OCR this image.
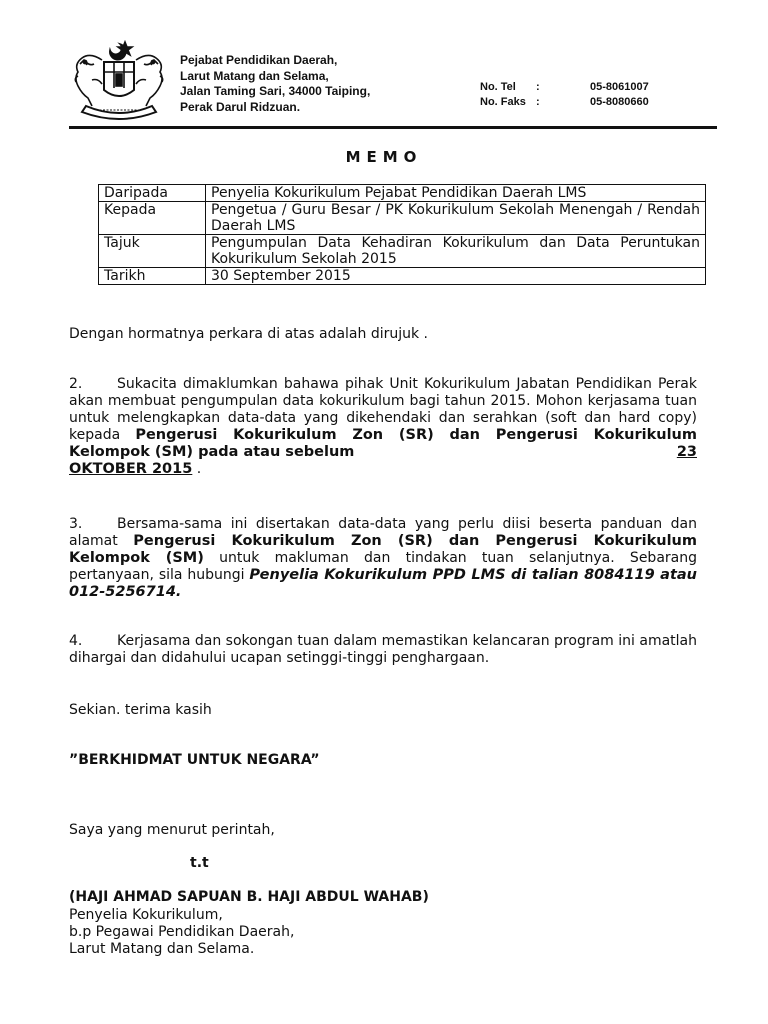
Pejabat Pendidikan Daerah,
Larut Matang dan Selama,
Jalan Taming Sari, 34000 Taiping,
Perak Darul Ridzuan.
No. Tel :	05-8061007
No. Faks :	05-8080660
MEMO
Daripada	Penyelia Kokurikulum Pejabat Pendidikan Daerah LMS
Kepada	Pengetua / Guru Besar / PK Kokurikulum Sekolah Menengah / Rendah Daerah LMS
Tajuk	Pengumpulan Data Kehadiran Kokurikulum dan Data Peruntukan Kokurikulum Sekolah 2015
Tarikh	30 September 2015
Dengan hormatnya perkara di atas adalah dirujuk .
2. Sukacita dimaklumkan bahawa pihak Unit Kokurikulum Jabatan Pendidikan Perak akan membuat pengumpulan data kokurikulum bagi tahun 2015. Mohon kerjasama tuan untuk melengkapkan data-data yang dikehendaki dan serahkan (soft dan hard copy) kepada Pengerusi Kokurikulum Zon (SR) dan Pengerusi Kokurikulum Kelompok (SM) pada atau sebelum	23

OKTOBER 2015 .
3. Bersama-sama ini disertakan data-data yang perlu diisi beserta panduan dan alamat Pengerusi Kokurikulum Zon (SR) dan Pengerusi Kokurikulum Kelompok (SM) untuk makluman dan tindakan tuan selanjutnya. Sebarang pertanyaan, sila hubungi Penyelia Kokurikulum PPD LMS di talian 8084119 atau 012-5256714.
4. Kerjasama dan sokongan tuan dalam memastikan kelancaran program ini amatlah dihargai dan didahului ucapan setinggi-tinggi penghargaan.
Sekian. terima kasih
”BERKHIDMAT UNTUK NEGARA”
Saya yang menurut perintah,
t.t
(HAJI AHMAD SAPUAN B. HAJI ABDUL WAHAB)
Penyelia Kokurikulum,
b.p Pegawai Pendidikan Daerah,
Larut Matang dan Selama.
